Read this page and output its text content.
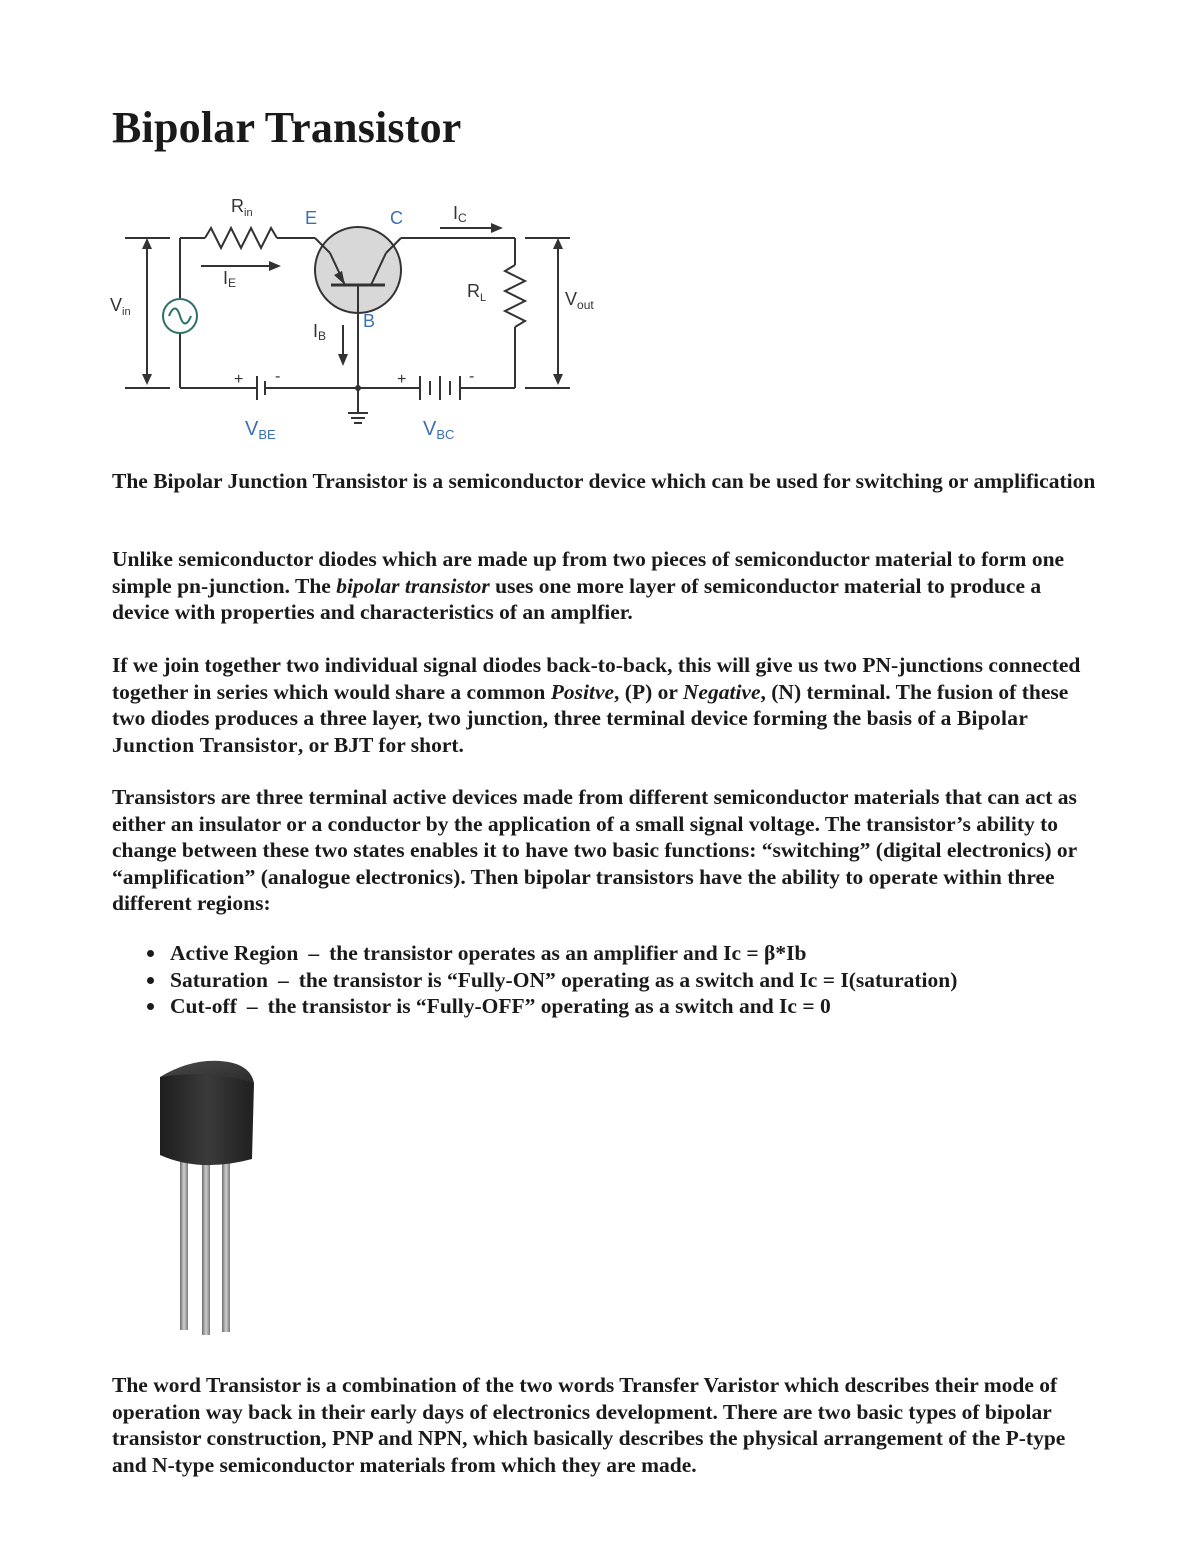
Bipolar Transistor
$R_{in}$	E	C
B
IC
IE
IB
$R_L$
$V_{in}$
$V_{out}$
$V_{BE}$	$V_{BC}$
+ -	+	-

The Bipolar Junction Transistor is a semiconductor device which can be used for switching or amplification

Unlike semiconductor diodes which are made up from two pieces of semiconductor material to form one simple pn-junction. The bipolar transistor uses one more layer of semiconductor material to produce a device with properties and characteristics of an amplfier.

If we join together two individual signal diodes back-to-back, this will give us two PN-junctions connected together in series which would share a common Positve, (P) or Negative, (N) terminal. The fusion of these two diodes produces a three layer, two junction, three terminal device forming the basis of a Bipolar Junction Transistor, or BJT for short.

Transistors are three terminal active devices made from different semiconductor materials that can act as either an insulator or a conductor by the application of a small signal voltage. The transistor’s ability to change between these two states enables it to have two basic functions: “switching” (digital electronics) or “amplification” (analogue electronics). Then bipolar transistors have the ability to operate within three different regions:

Active Region – the transistor operates as an amplifier and Ic = β*Ib
Saturation – the transistor is “Fully-ON” operating as a switch and Ic = I(saturation)
Cut-off – the transistor is “Fully-OFF” operating as a switch and Ic = 0

The word Transistor is a combination of the two words Transfer Varistor which describes their mode of operation way back in their early days of electronics development. There are two basic types of bipolar transistor construction, PNP and NPN, which basically describes the physical arrangement of the P-type and N-type semiconductor materials from which they are made.
